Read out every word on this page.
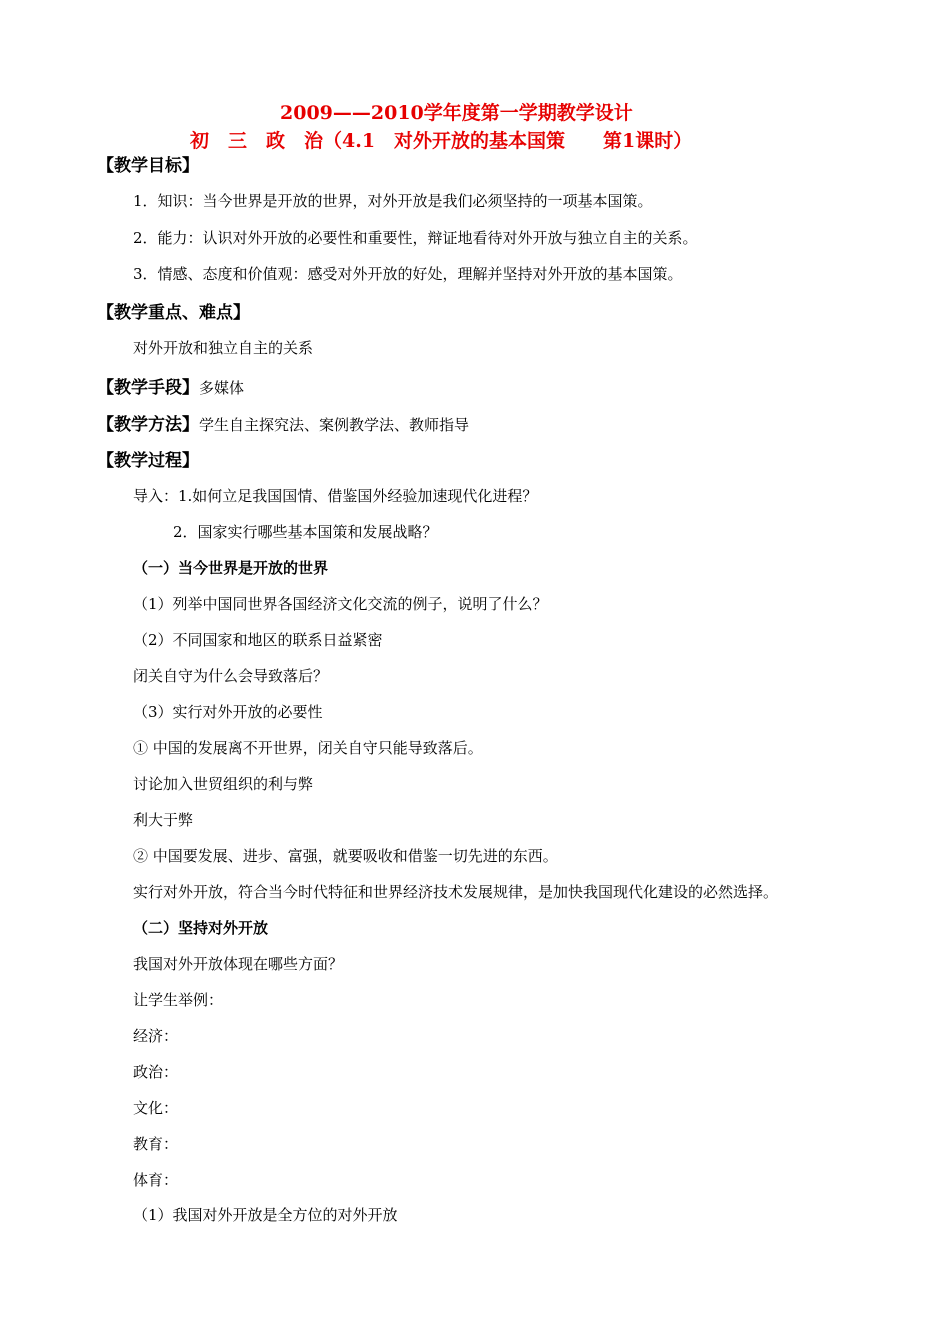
2009——2010学年度第一学期教学设计
初　三　政　治（4.1　对外开放的基本国策　　第1课时）
【教学目标】
1．知识：当今世界是开放的世界，对外开放是我们必须坚持的一项基本国策。
2．能力：认识对外开放的必要性和重要性，辩证地看待对外开放与独立自主的关系。
3．情感、态度和价值观：感受对外开放的好处，理解并坚持对外开放的基本国策。
【教学重点、难点】
对外开放和独立自主的关系
【教学手段】多媒体
【教学方法】学生自主探究法、案例教学法、教师指导
【教学过程】
导入：1.如何立足我国国情、借鉴国外经验加速现代化进程？
2．国家实行哪些基本国策和发展战略？
（一）当今世界是开放的世界
（1）列举中国同世界各国经济文化交流的例子，说明了什么？
（2）不同国家和地区的联系日益紧密
闭关自守为什么会导致落后？
（3）实行对外开放的必要性
① 中国的发展离不开世界，闭关自守只能导致落后。
讨论加入世贸组织的利与弊
利大于弊
② 中国要发展、进步、富强，就要吸收和借鉴一切先进的东西。
实行对外开放，符合当今时代特征和世界经济技术发展规律，是加快我国现代化建设的必然选择。
（二）坚持对外开放
我国对外开放体现在哪些方面？
让学生举例：
经济：
政治：
文化：
教育：
体育：
（1）我国对外开放是全方位的对外开放
